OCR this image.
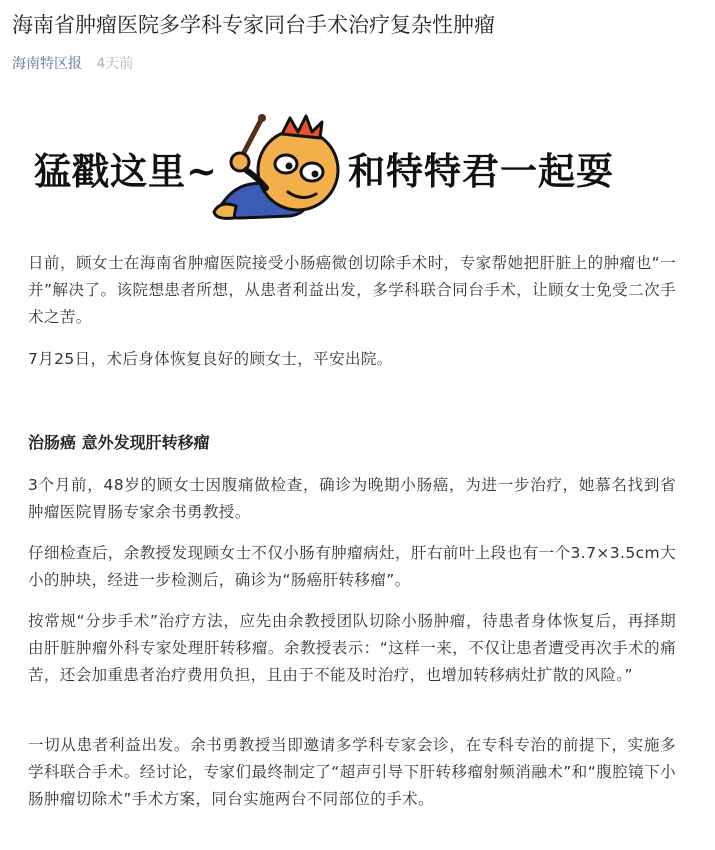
海南省肿瘤医院多学科专家同台手术治疗复杂性肿瘤
海南特区报 4天前
猛戳这里~	和特特君一起耍

日前，顾女士在海南省肿瘤医院接受小肠癌微创切除手术时，专家帮她把肝脏上的肿瘤也“一并”解决了。该院想患者所想，从患者利益出发，多学科联合同台手术，让顾女士免受二次手术之苦。

7月25日，术后身体恢复良好的顾女士，平安出院。

治肠癌 意外发现肝转移瘤

3个月前，48岁的顾女士因腹痛做检查，确诊为晚期小肠癌，为进一步治疗，她慕名找到省肿瘤医院胃肠专家余书勇教授。

仔细检查后，余教授发现顾女士不仅小肠有肿瘤病灶，肝右前叶上段也有一个3.7×3.5cm大小的肿块，经进一步检测后，确诊为“肠癌肝转移瘤”。

按常规“分步手术”治疗方法，应先由余教授团队切除小肠肿瘤，待患者身体恢复后，再择期由肝脏肿瘤外科专家处理肝转移瘤。余教授表示：“这样一来，不仅让患者遭受再次手术的痛苦，还会加重患者治疗费用负担，且由于不能及时治疗，也增加转移病灶扩散的风险。”

一切从患者利益出发。余书勇教授当即邀请多学科专家会诊，在专科专治的前提下，实施多学科联合手术。经讨论，专家们最终制定了“超声引导下肝转移瘤射频消融术”和“腹腔镜下小肠肿瘤切除术”手术方案，同台实施两台不同部位的手术。
